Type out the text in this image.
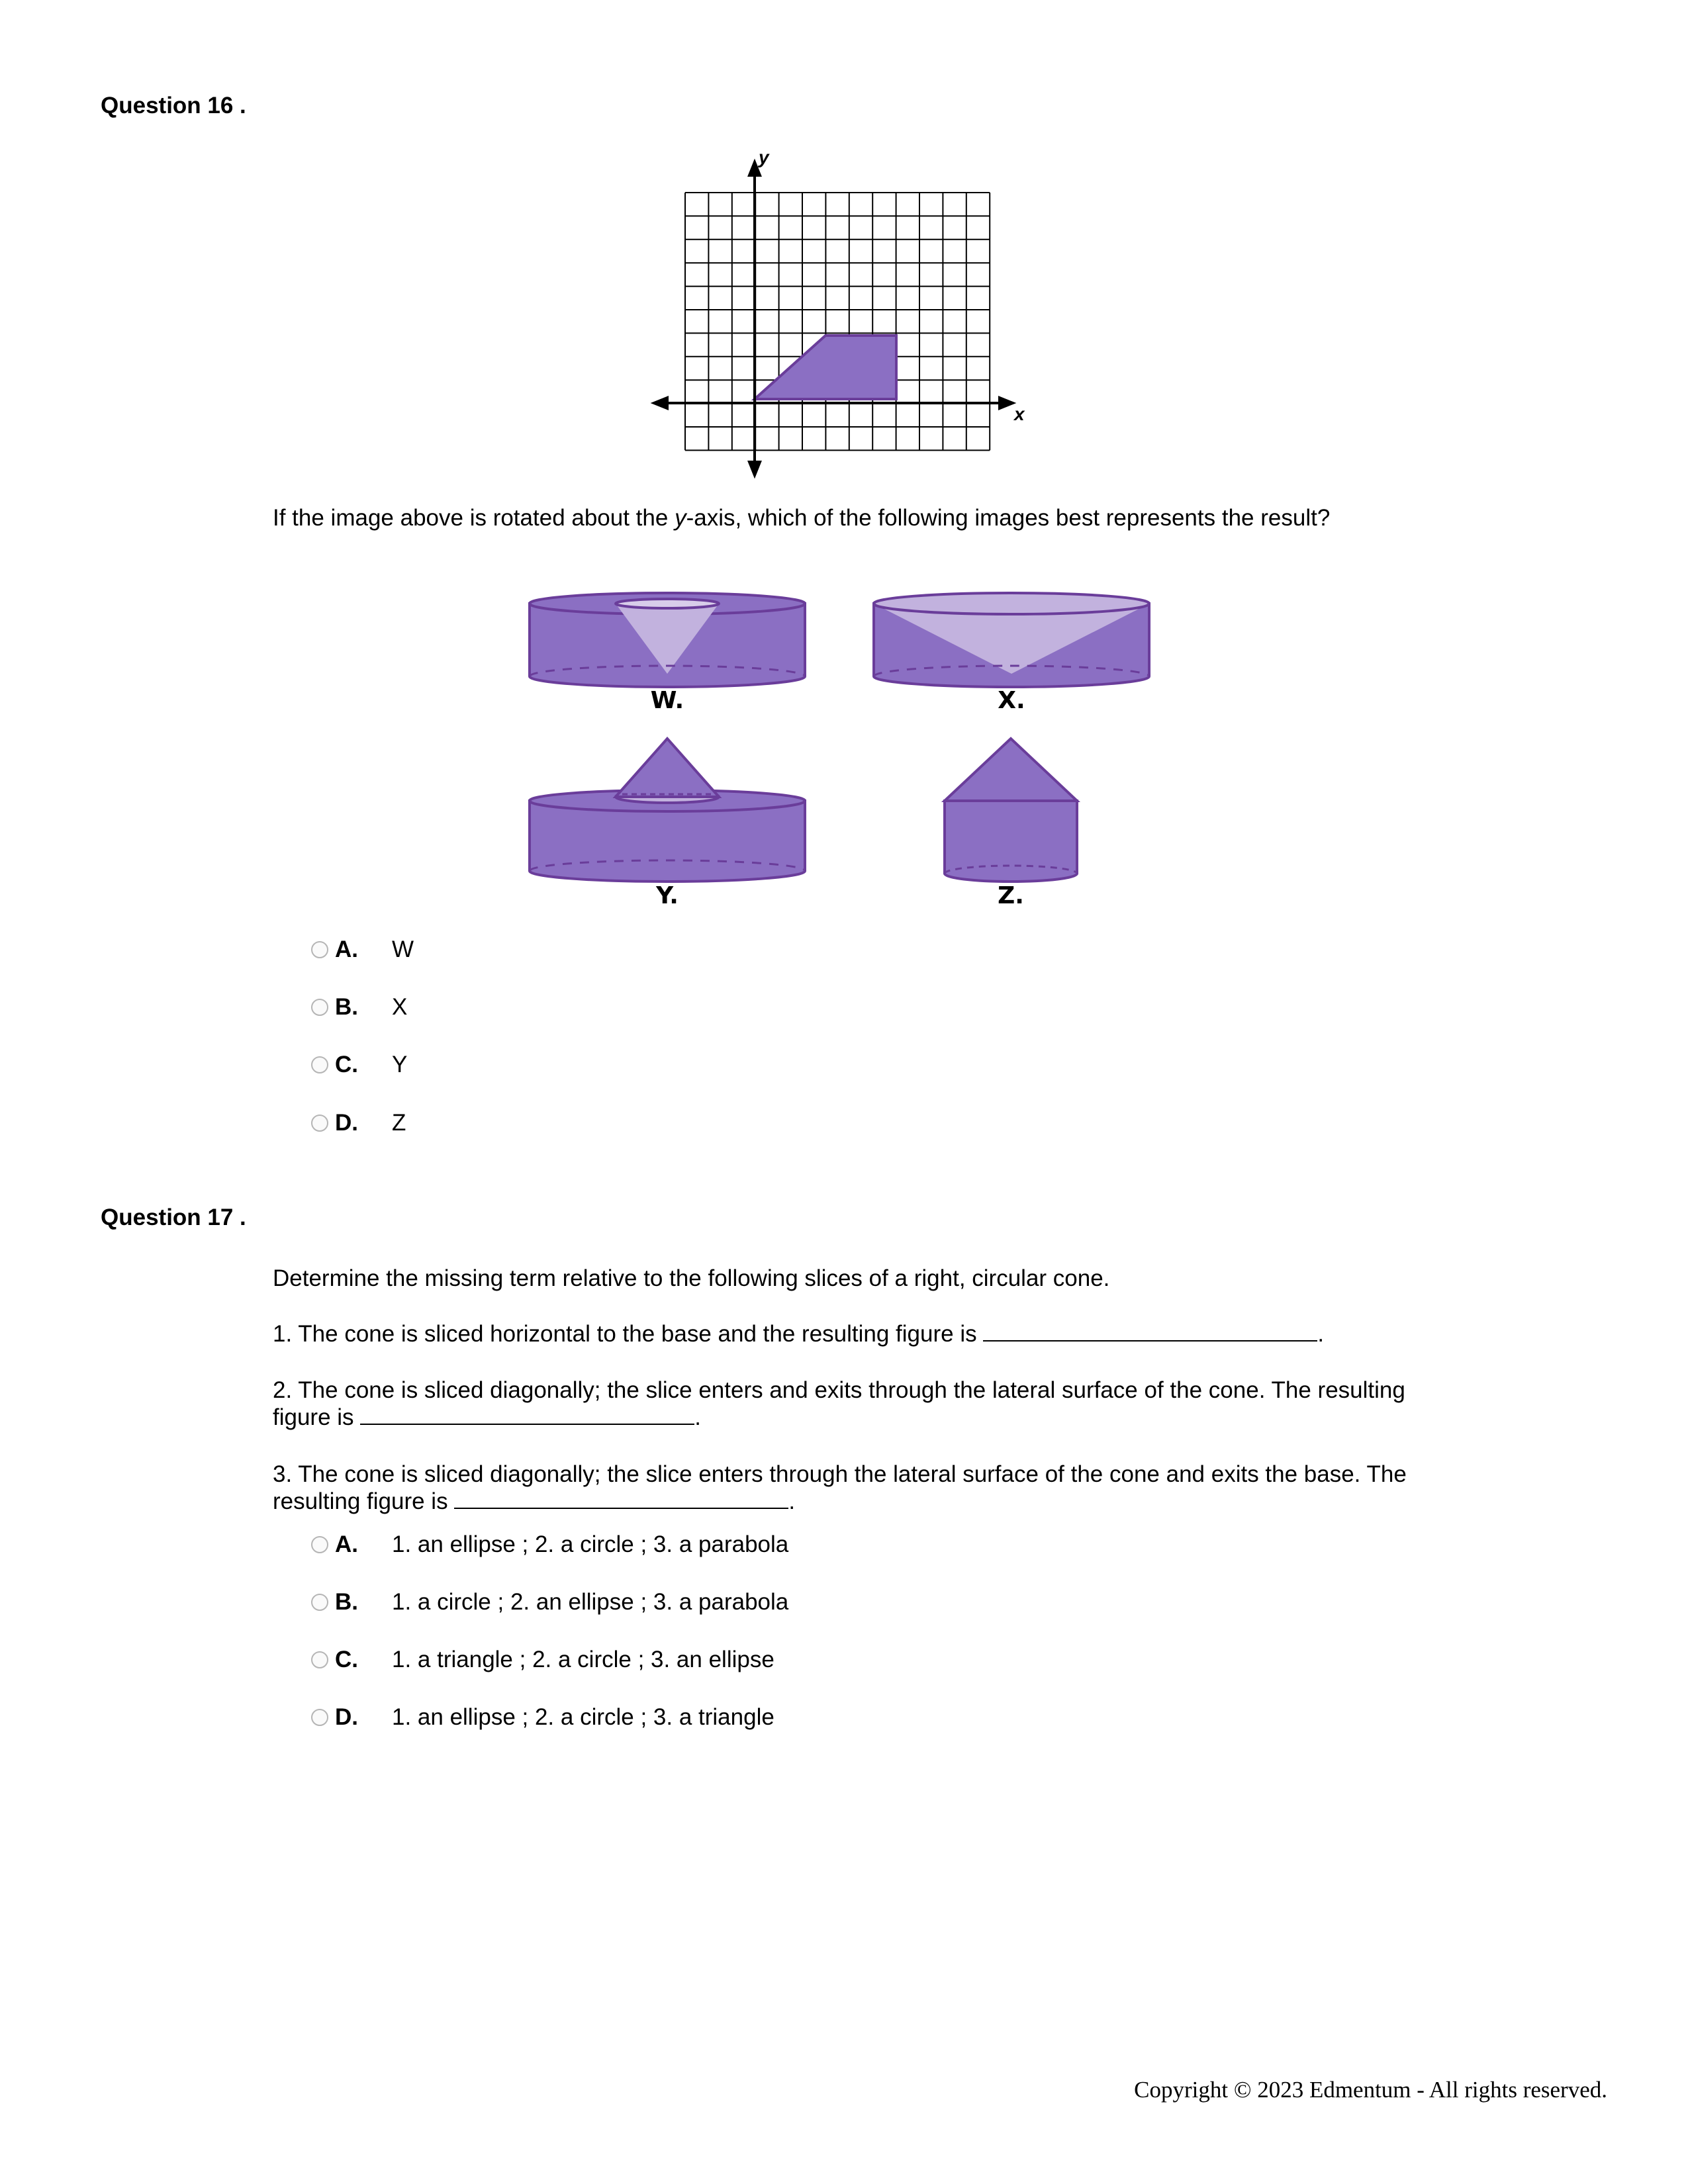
Question 16 .
x
y
If the image above is rotated about the y-axis, which of the following images best represents the result?
W.	X.
Y.	Z.
A.	W
B.	X
C.	Y
D.	Z
Question 17 .
Determine the missing term relative to the following slices of a right, circular cone.
1. The cone is sliced horizontal to the base and the resulting figure is	.
2. The cone is sliced diagonally; the slice enters and exits through the lateral surface of the cone. The resulting figure is	.
3. The cone is sliced diagonally; the slice enters through the lateral surface of the cone and exits the base. The resulting figure is	.
A.	1. an ellipse ; 2. a circle ; 3. a parabola
B.	1. a circle ; 2. an ellipse ; 3. a parabola
C.	1. a triangle ; 2. a circle ; 3. an ellipse
D.	1. an ellipse ; 2. a circle ; 3. a triangle
Copyright © 2023 Edmentum - All rights reserved.
